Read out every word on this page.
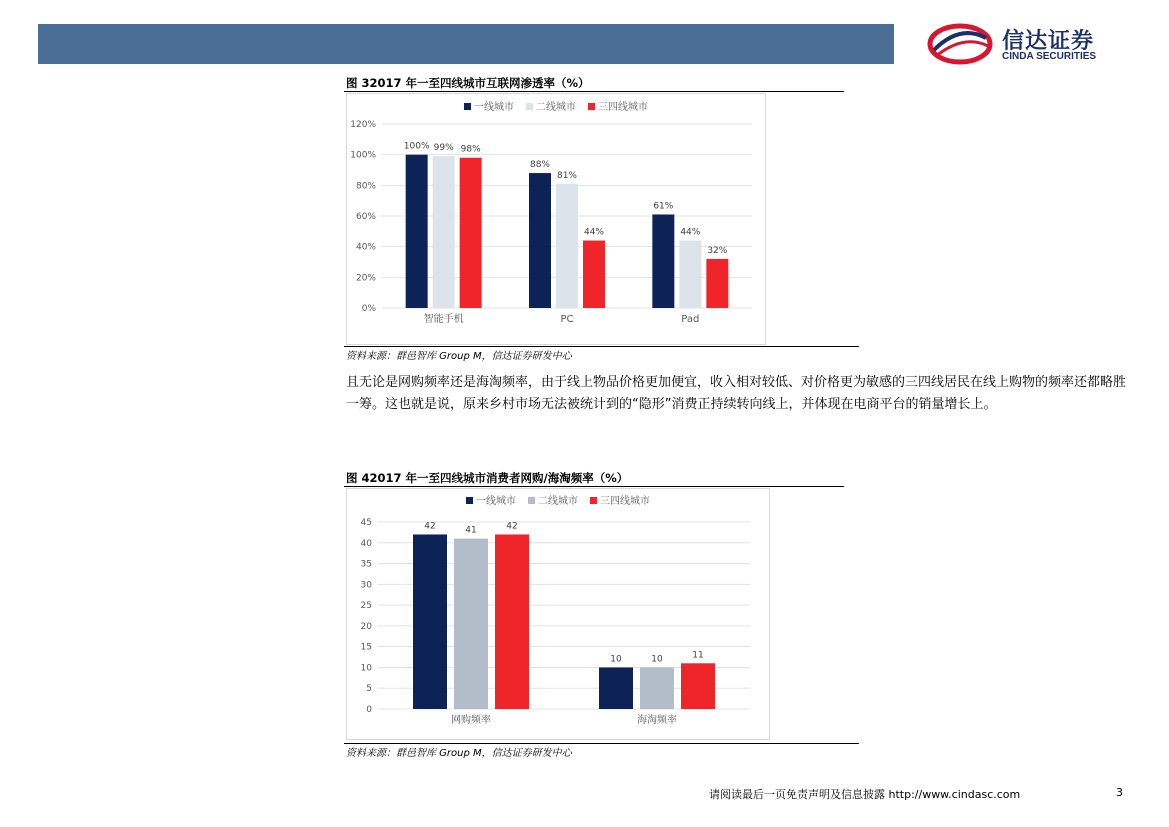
信达证券
CINDA SECURITIES
图 32017 年一至四线城市互联网渗透率（%）
0%
20%
40%
60%
80%
100%
120%
一线城市 二线城市 三四线城市
100% 99% 98%
智能手机
88%
81%
44%
PC
61%
44%
32%
Pad
资料来源：群邑智库 Group M，信达证券研发中心
且无论是网购频率还是海淘频率，由于线上物品价格更加便宜，收入相对较低、对价格更为敏感的三四线居民在线上购物的频率还都略胜一筹。这也就是说，原来乡村市场无法被统计到的“隐形”消费正持续转向线上，并体现在电商平台的销量增长上。
图 42017 年一至四线城市消费者网购/海淘频率（%）
0
5
10
15
20
25
30
35
40
45
一线城市 二线城市 三四线城市
42	41	42
网购频率
10	10	11
海淘频率
资料来源：群邑智库 Group M，信达证券研发中心
请阅读最后一页免责声明及信息披露 http://www.cindasc.com	3
